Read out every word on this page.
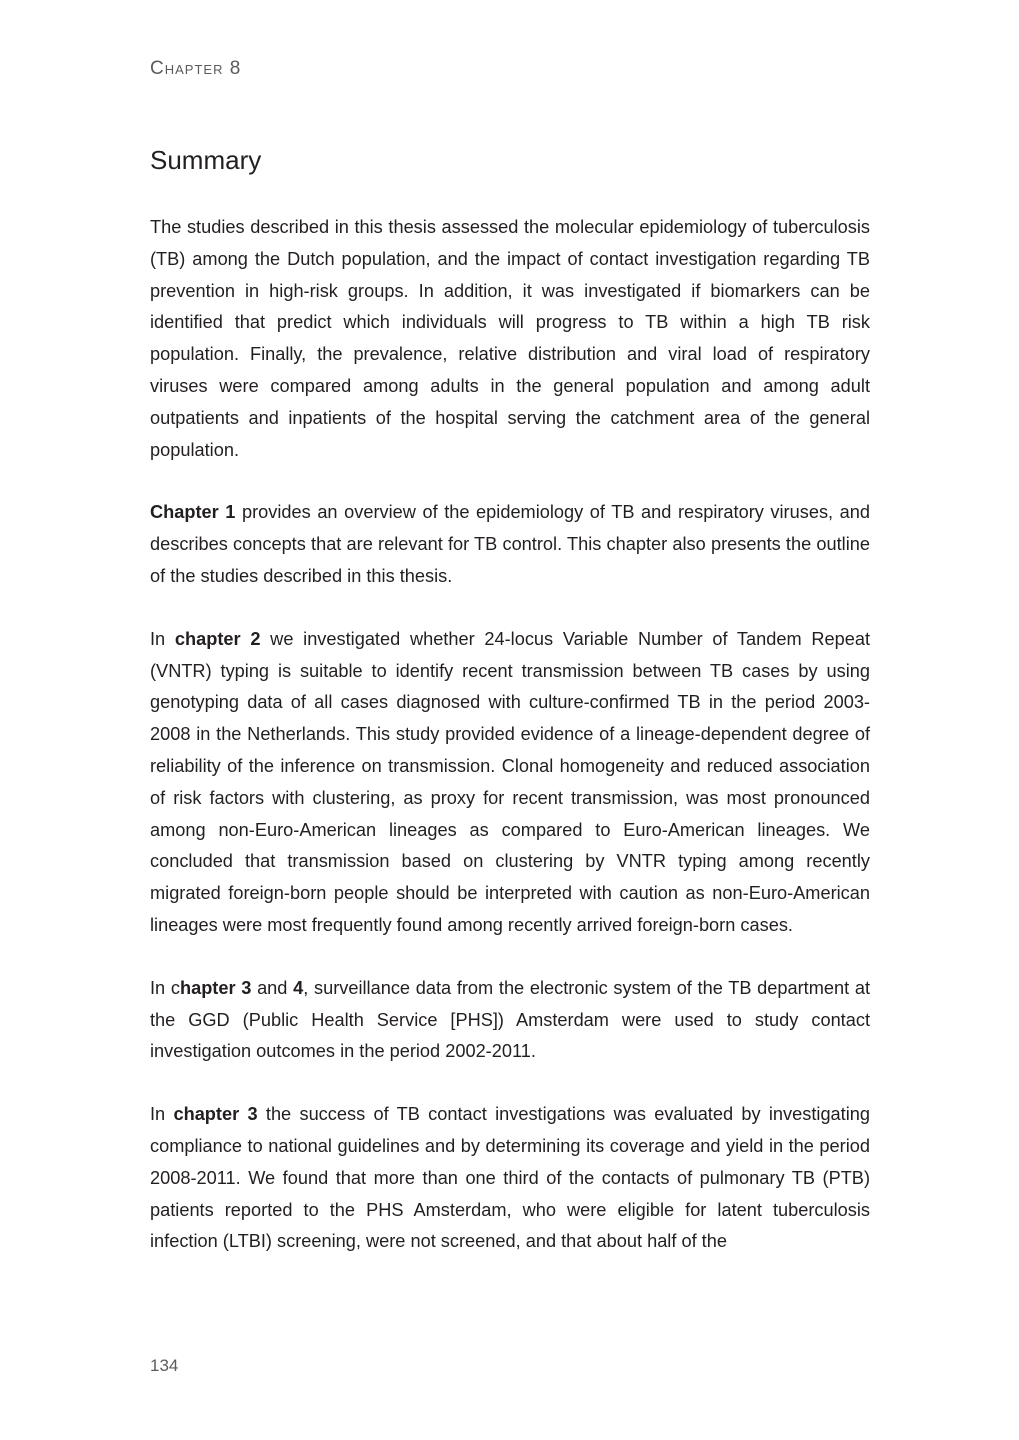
Chapter 8

Summary

The studies described in this thesis assessed the molecular epidemiology of tuberculosis (TB) among the Dutch population, and the impact of contact investigation regarding TB prevention in high-risk groups. In addition, it was investigated if biomarkers can be identified that predict which individuals will progress to TB within a high TB risk population. Finally, the prevalence, relative distribution and viral load of respiratory viruses were compared among adults in the general population and among adult outpatients and inpatients of the hospital serving the catchment area of the general population.

Chapter 1 provides an overview of the epidemiology of TB and respiratory viruses, and describes concepts that are relevant for TB control. This chapter also presents the outline of the studies described in this thesis.

In chapter 2 we investigated whether 24-locus Variable Number of Tandem Repeat (VNTR) typing is suitable to identify recent transmission between TB cases by using genotyping data of all cases diagnosed with culture-confirmed TB in the period 2003-2008 in the Netherlands. This study provided evidence of a lineage-dependent degree of reliability of the inference on transmission. Clonal homogeneity and reduced association of risk factors with clustering, as proxy for recent transmission, was most pronounced among non-Euro-American lineages as compared to Euro-American lineages. We concluded that transmission based on clustering by VNTR typing among recently migrated foreign-born people should be interpreted with caution as non-Euro-American lineages were most frequently found among recently arrived foreign-born cases.

In chapter 3 and 4, surveillance data from the electronic system of the TB department at the GGD (Public Health Service [PHS]) Amsterdam were used to study contact investigation outcomes in the period 2002-2011.

In chapter 3 the success of TB contact investigations was evaluated by investigating compliance to national guidelines and by determining its coverage and yield in the period 2008-2011. We found that more than one third of the contacts of pulmonary TB (PTB) patients reported to the PHS Amsterdam, who were eligible for latent tuberculosis infection (LTBI) screening, were not screened, and that about half of the

134
